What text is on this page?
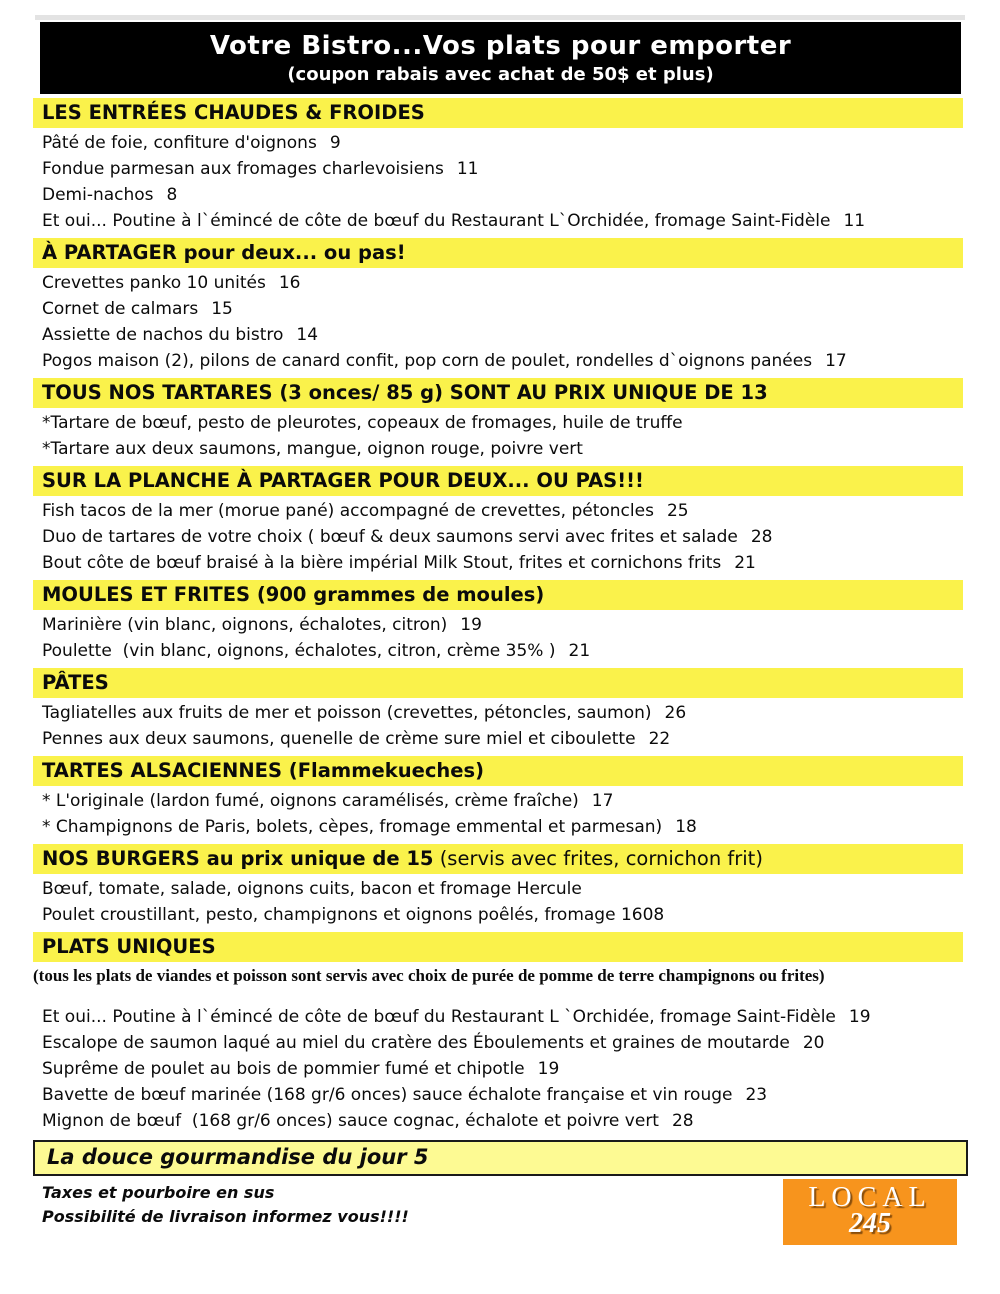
Votre Bistro...Vos plats pour emporter
(coupon rabais avec achat de 50$ et plus)
LES ENTRÉES CHAUDES & FROIDES
Pâté de foie, confiture d'oignons 9
Fondue parmesan aux fromages charlevoisiens 11
Demi-nachos 8
Et oui... Poutine à l`émincé de côte de bœuf du Restaurant L`Orchidée, fromage Saint-Fidèle 11
À PARTAGER pour deux... ou pas!
Crevettes panko 10 unités 16
Cornet de calmars 15
Assiette de nachos du bistro 14
Pogos maison (2), pilons de canard confit, pop corn de poulet, rondelles d`oignons panées 17
TOUS NOS TARTARES (3 onces/ 85 g) SONT AU PRIX UNIQUE DE 13
*Tartare de bœuf, pesto de pleurotes, copeaux de fromages, huile de truffe
*Tartare aux deux saumons, mangue, oignon rouge, poivre vert
SUR LA PLANCHE À PARTAGER POUR DEUX... OU PAS!!!
Fish tacos de la mer (morue pané) accompagné de crevettes, pétoncles 25
Duo de tartares de votre choix ( bœuf & deux saumons servi avec frites et salade 28
Bout côte de bœuf braisé à la bière impérial Milk Stout, frites et cornichons frits 21
MOULES ET FRITES (900 grammes de moules)
Marinière (vin blanc, oignons, échalotes, citron) 19
Poulette  (vin blanc, oignons, échalotes, citron, crème 35% ) 21
PÂTES
Tagliatelles aux fruits de mer et poisson (crevettes, pétoncles, saumon) 26
Pennes aux deux saumons, quenelle de crème sure miel et ciboulette 22
TARTES ALSACIENNES (Flammekueches)
* L'originale (lardon fumé, oignons caramélisés, crème fraîche) 17
* Champignons de Paris, bolets, cèpes, fromage emmental et parmesan) 18
NOS BURGERS au prix unique de 15 (servis avec frites, cornichon frit)
Bœuf, tomate, salade, oignons cuits, bacon et fromage Hercule
Poulet croustillant, pesto, champignons et oignons poêlés, fromage 1608
PLATS UNIQUES
(tous les plats de viandes et poisson sont servis avec choix de purée de pomme de terre champignons ou frites)
Et oui... Poutine à l`émincé de côte de bœuf du Restaurant L `Orchidée, fromage Saint-Fidèle 19
Escalope de saumon laqué au miel du cratère des Éboulements et graines de moutarde 20
Suprême de poulet au bois de pommier fumé et chipotle 19
Bavette de bœuf marinée (168 gr/6 onces) sauce échalote française et vin rouge 23
Mignon de bœuf  (168 gr/6 onces) sauce cognac, échalote et poivre vert 28
La douce gourmandise du jour 5
Taxes et pourboire en sus
Possibilité de livraison informez vous!!!!
LOCAL
245
